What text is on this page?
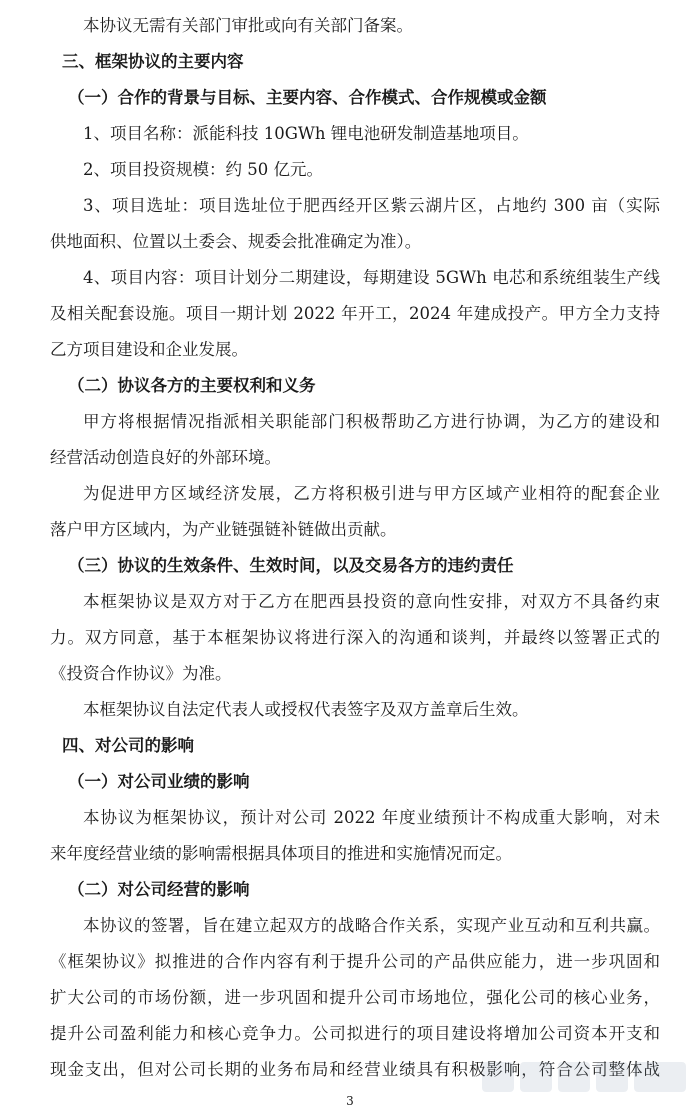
本协议无需有关部门审批或向有关部门备案。
三、框架协议的主要内容
（一）合作的背景与目标、主要内容、合作模式、合作规模或金额
1、项目名称：派能科技 10GWh 锂电池研发制造基地项目。
2、项目投资规模：约 50 亿元。
3、项目选址：项目选址位于肥西经开区紫云湖片区，占地约 300 亩（实际
供地面积、位置以土委会、规委会批准确定为准）。
4、项目内容：项目计划分二期建设，每期建设 5GWh 电芯和系统组装生产线
及相关配套设施。项目一期计划 2022 年开工，2024 年建成投产。甲方全力支持
乙方项目建设和企业发展。
（二）协议各方的主要权利和义务
甲方将根据情况指派相关职能部门积极帮助乙方进行协调，为乙方的建设和
经营活动创造良好的外部环境。
为促进甲方区域经济发展，乙方将积极引进与甲方区域产业相符的配套企业
落户甲方区域内，为产业链强链补链做出贡献。
（三）协议的生效条件、生效时间，以及交易各方的违约责任
本框架协议是双方对于乙方在肥西县投资的意向性安排，对双方不具备约束
力。双方同意，基于本框架协议将进行深入的沟通和谈判，并最终以签署正式的
《投资合作协议》为准。
本框架协议自法定代表人或授权代表签字及双方盖章后生效。
四、对公司的影响
（一）对公司业绩的影响
本协议为框架协议，预计对公司 2022 年度业绩预计不构成重大影响，对未
来年度经营业绩的影响需根据具体项目的推进和实施情况而定。
（二）对公司经营的影响
本协议的签署，旨在建立起双方的战略合作关系，实现产业互动和互利共赢。
《框架协议》拟推进的合作内容有利于提升公司的产品供应能力，进一步巩固和
扩大公司的市场份额，进一步巩固和提升公司市场地位，强化公司的核心业务，
提升公司盈利能力和核心竞争力。公司拟进行的项目建设将增加公司资本开支和
现金支出，但对公司长期的业务布局和经营业绩具有积极影响，符合公司整体战
3
